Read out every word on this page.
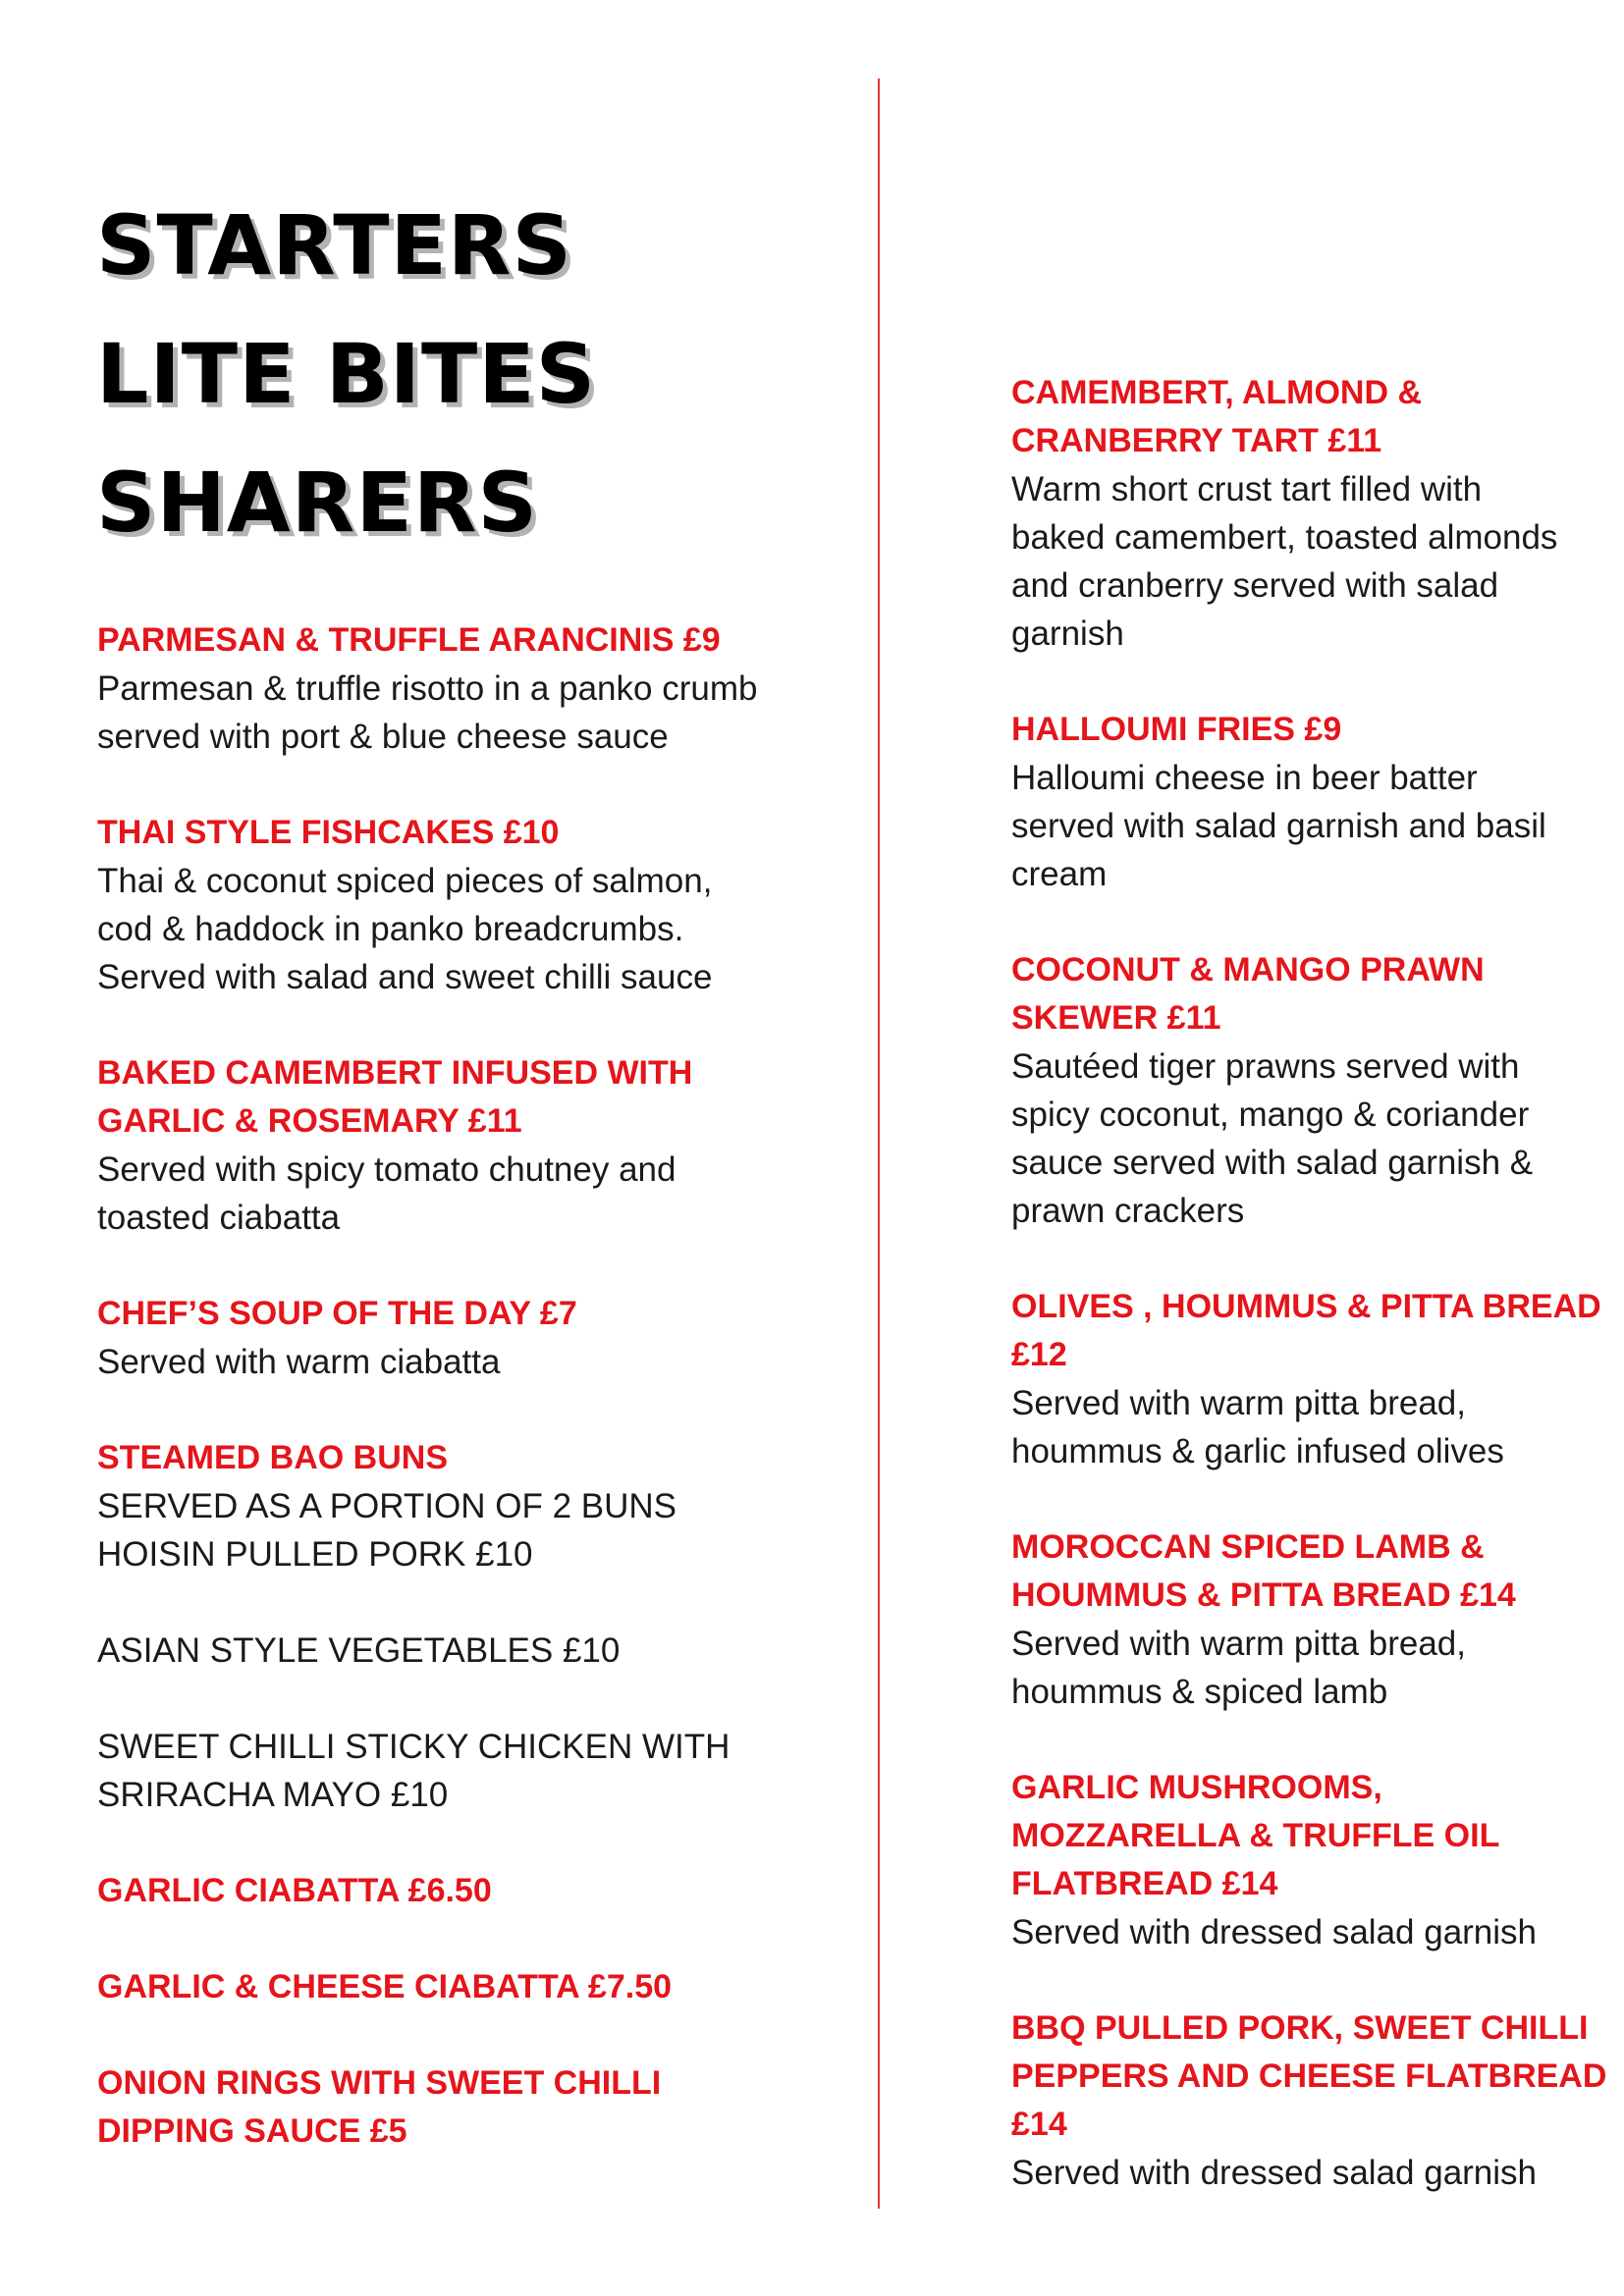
STARTERS
LITE BITES
SHARERS
PARMESAN & TRUFFLE ARANCINIS £9
Parmesan & truffle risotto in a panko crumb
served with port & blue cheese sauce
THAI STYLE FISHCAKES £10
Thai & coconut spiced pieces of salmon,
cod & haddock in panko breadcrumbs.
Served with salad and sweet chilli sauce
BAKED CAMEMBERT INFUSED WITH
GARLIC & ROSEMARY £11
Served with spicy tomato chutney and
toasted ciabatta
CHEF’S SOUP OF THE DAY £7
Served with warm ciabatta
STEAMED BAO BUNS
SERVED AS A PORTION OF 2 BUNS
HOISIN PULLED PORK £10
ASIAN STYLE VEGETABLES £10
SWEET CHILLI STICKY CHICKEN WITH
SRIRACHA MAYO £10
GARLIC CIABATTA £6.50
GARLIC & CHEESE CIABATTA £7.50
ONION RINGS WITH SWEET CHILLI
DIPPING SAUCE £5
CAMEMBERT, ALMOND &
CRANBERRY TART £11
Warm short crust tart filled with
baked camembert, toasted almonds
and cranberry served with salad
garnish
HALLOUMI FRIES £9
Halloumi cheese in beer batter
served with salad garnish and basil
cream
COCONUT & MANGO PRAWN
SKEWER £11
Sautéed tiger prawns served with
spicy coconut, mango & coriander
sauce served with salad garnish &
prawn crackers
OLIVES , HOUMMUS & PITTA BREAD
£12
Served with warm pitta bread,
hoummus & garlic infused olives
MOROCCAN SPICED LAMB &
HOUMMUS & PITTA BREAD £14
Served with warm pitta bread,
hoummus & spiced lamb
GARLIC MUSHROOMS,
MOZZARELLA & TRUFFLE OIL
FLATBREAD £14
Served with dressed salad garnish
BBQ PULLED PORK, SWEET CHILLI
PEPPERS AND CHEESE FLATBREAD
£14
Served with dressed salad garnish
